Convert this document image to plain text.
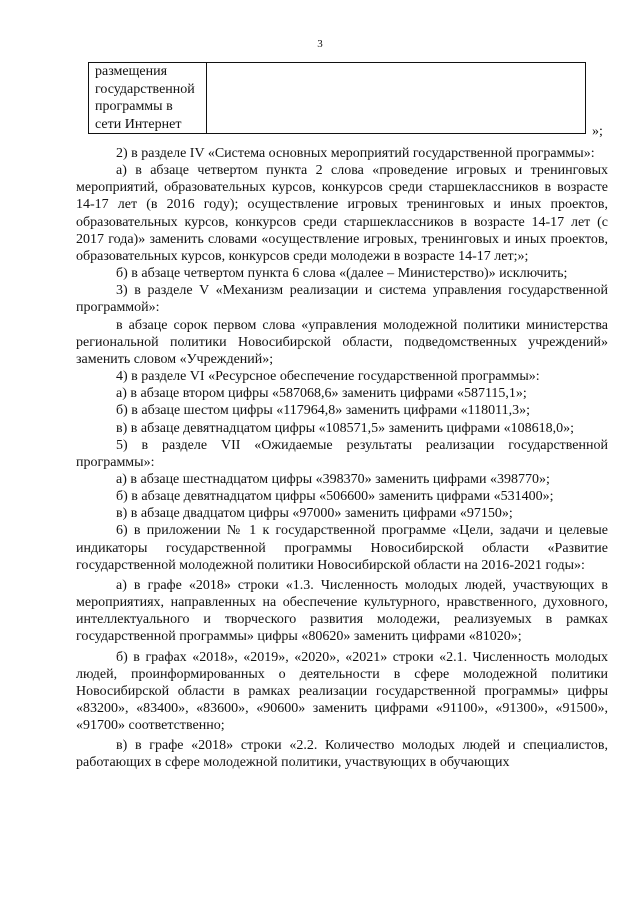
3
размещения
государственной
программы в
сети Интернет
		»;

2) в разделе IV «Система основных мероприятий государственной программы»:

а) в абзаце четвертом пункта 2 слова «проведение игровых и тренинговых мероприятий, образовательных курсов, конкурсов среди старшеклассников в возрасте 14-17 лет (в 2016 году); осуществление игровых тренинговых и иных проектов, образовательных курсов, конкурсов среди старшеклассников в возрасте 14-17 лет (с 2017 года)» заменить словами «осуществление игровых, тренинговых и иных проектов, образовательных курсов, конкурсов среди молодежи в возрасте 14-17 лет;»;

б) в абзаце четвертом пункта 6 слова «(далее – Министерство)» исключить;

3) в разделе V «Механизм реализации и система управления государственной программой»:

в абзаце сорок первом слова «управления молодежной политики министерства региональной политики Новосибирской области, подведомственных учреждений» заменить словом «Учреждений»;

4) в разделе VI «Ресурсное обеспечение государственной программы»:

а) в абзаце втором цифры «587068,6» заменить цифрами «587115,1»;

б) в абзаце шестом цифры «117964,8» заменить цифрами «118011,3»;

в) в абзаце девятнадцатом цифры «108571,5» заменить цифрами «108618,0»;

5) в разделе VII «Ожидаемые результаты реализации государственной программы»:

а) в абзаце шестнадцатом цифры «398370» заменить цифрами «398770»;

б) в абзаце девятнадцатом цифры «506600» заменить цифрами «531400»;

в) в абзаце двадцатом цифры «97000» заменить цифрами «97150»;

6) в приложении № 1 к государственной программе «Цели, задачи и целевые индикаторы государственной программы Новосибирской области «Развитие государственной молодежной политики Новосибирской области на 2016-2021 годы»:

а) в графе «2018» строки «1.3. Численность молодых людей, участвующих в мероприятиях, направленных на обеспечение культурного, нравственного, духовного, интеллектуального и творческого развития молодежи, реализуемых в рамках государственной программы» цифры «80620» заменить цифрами «81020»;

б) в графах «2018», «2019», «2020», «2021» строки «2.1. Численность молодых людей, проинформированных о деятельности в сфере молодежной политики Новосибирской области в рамках реализации государственной программы» цифры «83200», «83400», «83600», «90600» заменить цифрами «91100», «91300», «91500», «91700» соответственно;

в) в графе «2018» строки «2.2. Количество молодых людей и специалистов, работающих в сфере молодежной политики, участвующих в обучающих
